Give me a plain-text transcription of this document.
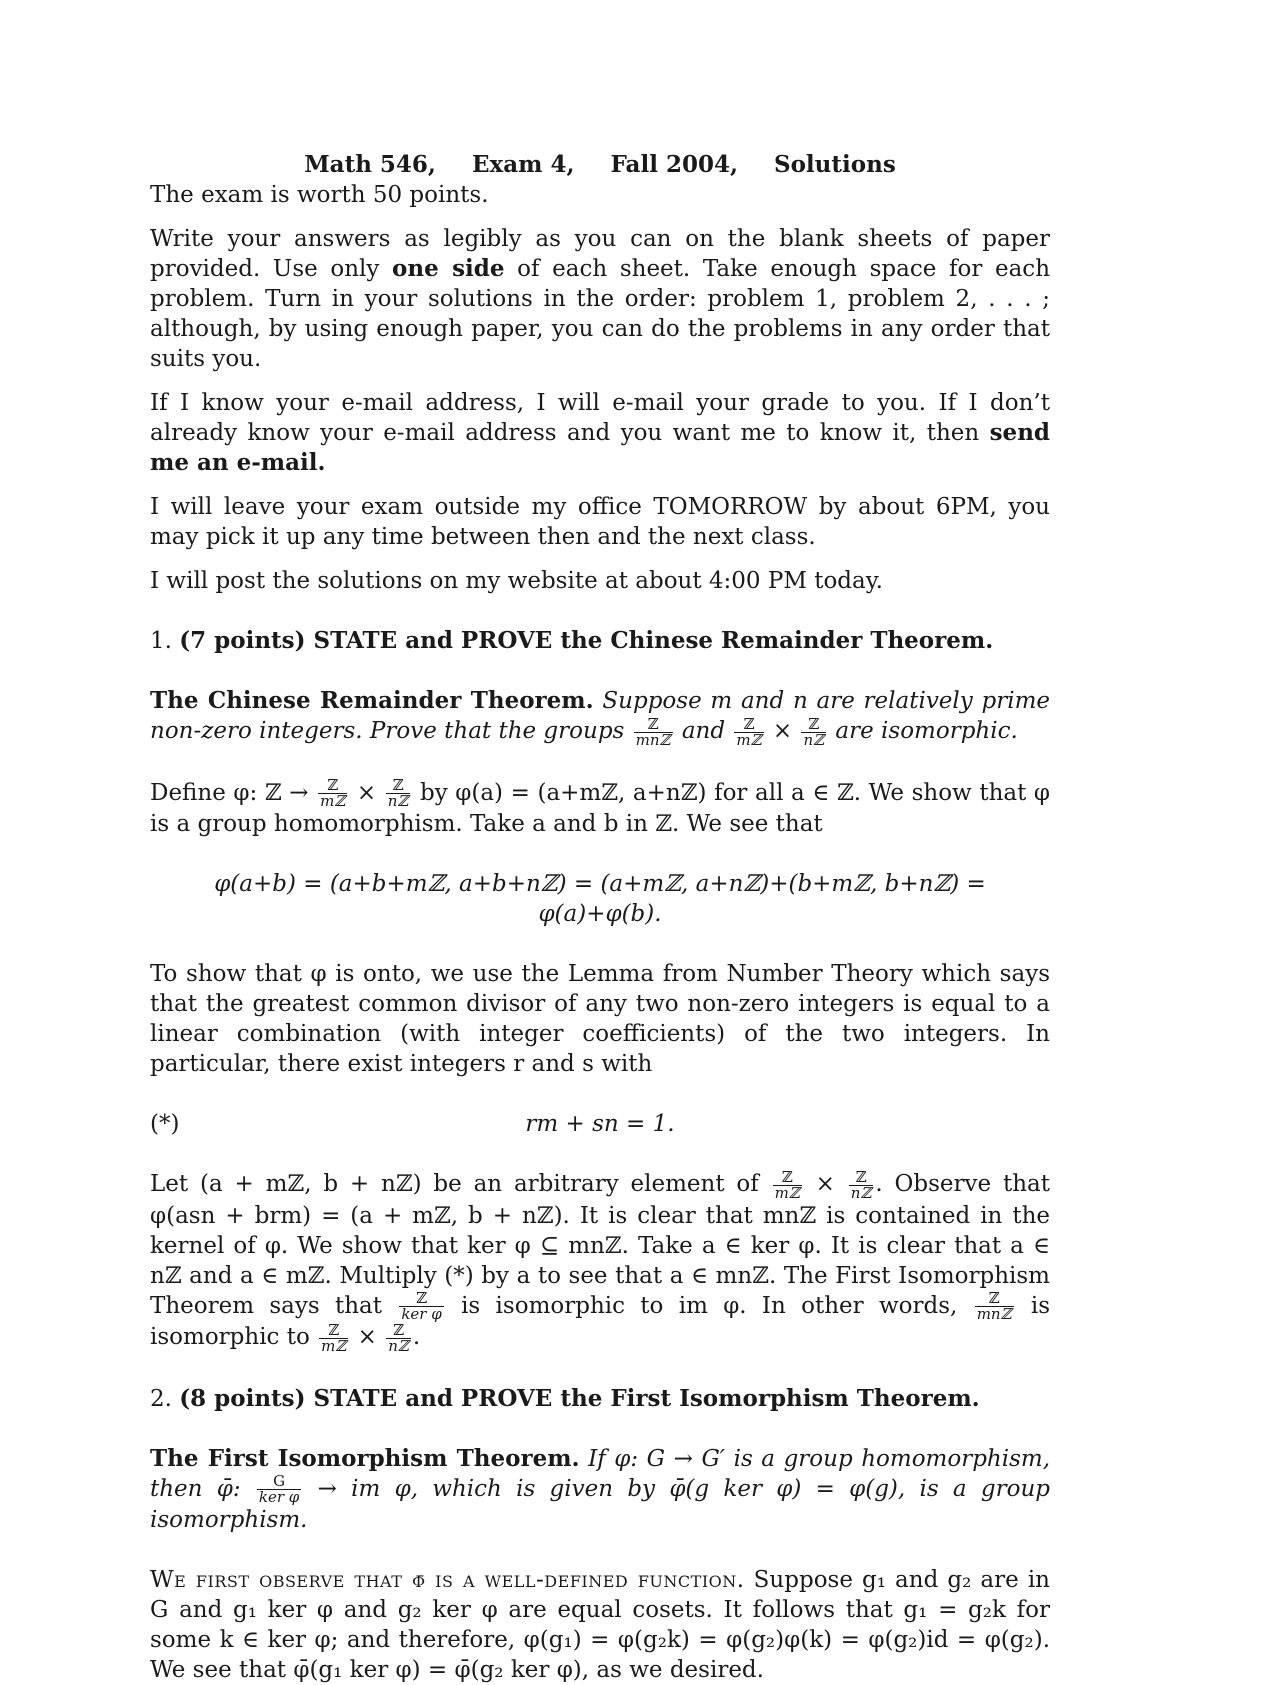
Math 546, Exam 4, Fall 2004, Solutions

The exam is worth 50 points.

Write your answers as legibly as you can on the blank sheets of paper provided. Use only one side of each sheet. Take enough space for each problem. Turn in your solutions in the order: problem 1, problem 2, . . . ; although, by using enough paper, you can do the problems in any order that suits you.

If I know your e-mail address, I will e-mail your grade to you. If I don’t already know your e-mail address and you want me to know it, then send me an e-mail.

I will leave your exam outside my office TOMORROW by about 6PM, you may pick it up any time between then and the next class.

I will post the solutions on my website at about 4:00 PM today.

1. (7 points) STATE and PROVE the Chinese Remainder Theorem.

The Chinese Remainder Theorem. Suppose m and n are relatively prime non-zero integers. Prove that the groups $\frac{\text{ℤ}}{\text{mnℤ}}$ and $\frac{\text{ℤ}}{\text{mℤ}} \times \frac{\text{ℤ}}{\text{nℤ}}$ are isomorphic.

Define φ: ℤ → $\frac{\text{ℤ}}{\text{mℤ}} \times \frac{\text{ℤ}}{\text{nℤ}}$ by φ(a) = (a+mℤ, a+nℤ) for all a ∈ ℤ. We show that φ is a group homomorphism. Take a and b in ℤ. We see that

φ(a+b) = (a+b+mℤ, a+b+nℤ) = (a+mℤ, a+nℤ)+(b+mℤ, b+nℤ) = φ(a)+φ(b).

To show that φ is onto, we use the Lemma from Number Theory which says that the greatest common divisor of any two non-zero integers is equal to a linear combination (with integer coefficients) of the two integers. In particular, there exist integers r and s with

(*)	rm + sn = 1.

Let (a + mℤ, b + nℤ) be an arbitrary element of $\frac{\text{ℤ}}{\text{mℤ}} \times \frac{\text{ℤ}}{\text{nℤ}}$ . Observe that φ(asn + brm) = (a + mℤ, b + nℤ). It is clear that mnℤ is contained in the kernel of φ. We show that ker φ ⊆ mnℤ. Take a ∈ ker φ. It is clear that a ∈ nℤ and a ∈ mℤ. Multiply (*) by a to see that a ∈ mnℤ. The First Isomorphism Theorem says that $\frac{\text{ℤ}}{\text{ker φ}}$ is isomorphic to im φ. In other words, $\frac{\text{ℤ}}{\text{mnℤ}}$ is isomorphic to $\frac{\text{ℤ}}{\text{mℤ}} \times \frac{\text{ℤ}}{\text{nℤ}}$ .

2. (8 points) STATE and PROVE the First Isomorphism Theorem.

The First Isomorphism Theorem. If φ: G → G′ is a group homomorphism, then φ̄: $\frac{G}{\text{ker φ}}$ → im φ, which is given by φ̄(g ker φ) = φ(g), is a group isomorphism.

We first observe that φ̄ is a well-defined function. Suppose g₁ and g₂ are in G and g₁ ker φ and g₂ ker φ are equal cosets. It follows that g₁ = g₂k for some k ∈ ker φ; and therefore, φ(g₁) = φ(g₂k) = φ(g₂)φ(k) = φ(g₂)id = φ(g₂). We see that φ̄(g₁ ker φ) = φ̄(g₂ ker φ), as we desired.
